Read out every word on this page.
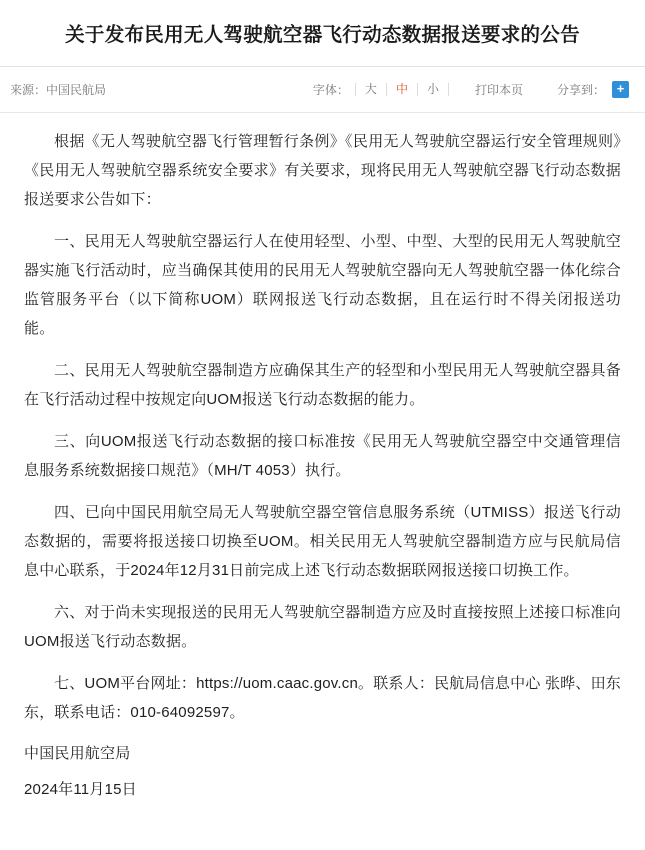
关于发布民用无人驾驶航空器飞行动态数据报送要求的公告
来源：中国民航局	字体：	大	中	小	打印本页	分享到： +

根据《无人驾驶航空器飞行管理暂行条例》《民用无人驾驶航空器运行安全管理规则》《民用无人驾驶航空器系统安全要求》有关要求，现将民用无人驾驶航空器飞行动态数据报送要求公告如下：

一、民用无人驾驶航空器运行人在使用轻型、小型、中型、大型的民用无人驾驶航空器实施飞行活动时，应当确保其使用的民用无人驾驶航空器向无人驾驶航空器一体化综合监管服务平台（以下简称UOM）联网报送飞行动态数据，且在运行时不得关闭报送功能。

二、民用无人驾驶航空器制造方应确保其生产的轻型和小型民用无人驾驶航空器具备在飞行活动过程中按规定向UOM报送飞行动态数据的能力。

三、向UOM报送飞行动态数据的接口标准按《民用无人驾驶航空器空中交通管理信息服务系统数据接口规范》（MH/T 4053）执行。

四、已向中国民用航空局无人驾驶航空器空管信息服务系统（UTMISS）报送飞行动态数据的，需要将报送接口切换至UOM。相关民用无人驾驶航空器制造方应与民航局信息中心联系，于2024年12月31日前完成上述飞行动态数据联网报送接口切换工作。

六、对于尚未实现报送的民用无人驾驶航空器制造方应及时直接按照上述接口标准向UOM报送飞行动态数据。

七、UOM平台网址：https://uom.caac.gov.cn。联系人：民航局信息中心 张晔、田东东，联系电话：010-64092597。

中国民用航空局

2024年11月15日
